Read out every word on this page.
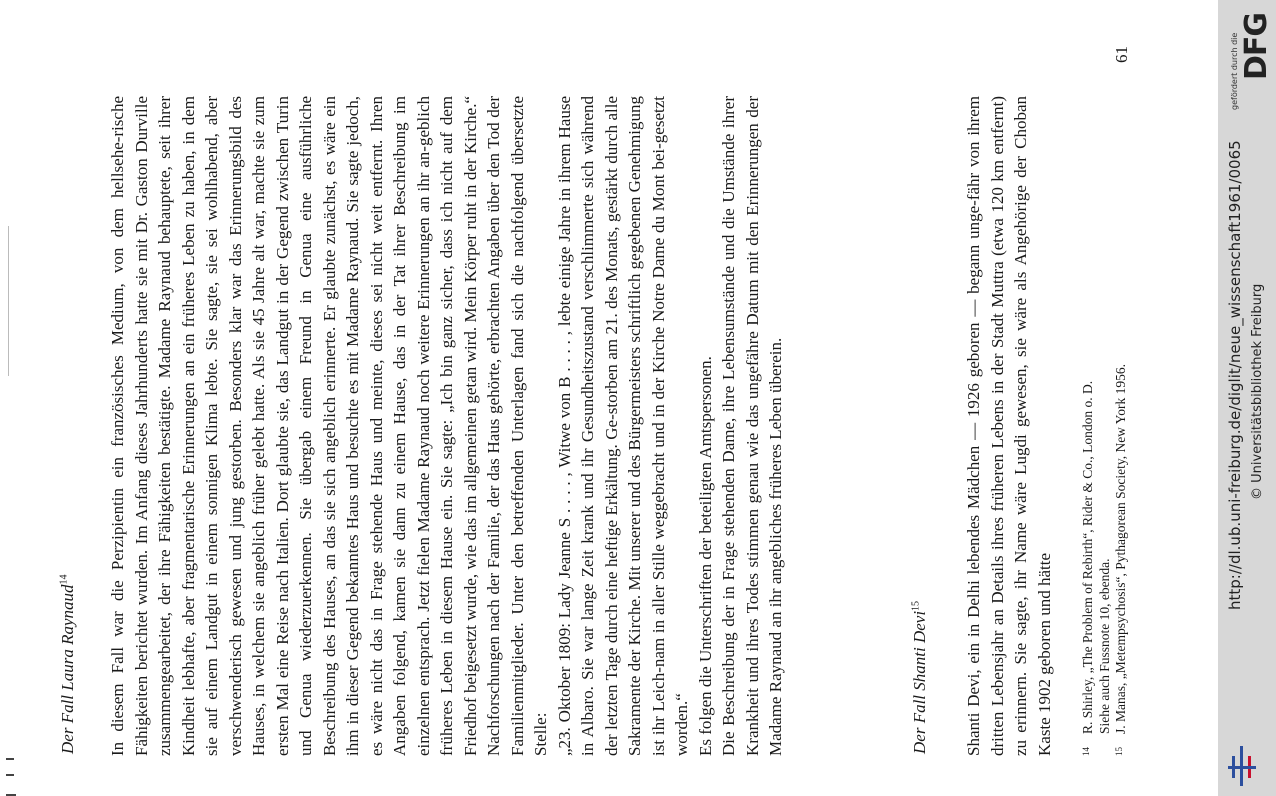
Der Fall Laura Raynaud$^{14}$	In diesem Fall war die Perzipientin ein französisches Medium, von dem hellsehe-rische Fähigkeiten berichtet wurden. Im Anfang dieses Jahrhunderts hatte sie mit Dr. Gaston Durville zusammengearbeitet, der ihre Fähigkeiten bestätigte. Madame Raynaud behauptete, seit ihrer Kindheit lebhafte, aber fragmentarische Erinnerungen an ein früheres Leben zu haben, in dem sie auf einem Landgut in einem sonnigen Klima lebte. Sie sagte, sie sei wohlhabend, aber verschwenderisch gewesen und jung gestorben. Besonders klar war das Erinnerungsbild des Hauses, in welchem sie angeblich früher gelebt hatte. Als sie 45 Jahre alt war, machte sie zum ersten Mal eine Reise nach Italien. Dort glaubte sie, das Landgut in der Gegend zwischen Turin und Genua wiederzuerkennen. Sie übergab einem Freund in Genua eine ausführliche Beschreibung des Hauses, an das sie sich angeblich erinnerte. Er glaubte zunächst, es wäre ein ihm in dieser Gegend bekanntes Haus und besuchte es mit Madame Raynaud. Sie sagte jedoch, es wäre nicht das in Frage stehende Haus und meinte, dieses sei nicht weit entfernt. Ihren Angaben folgend, kamen sie dann zu einem Hause, das in der Tat ihrer Beschreibung im einzelnen entsprach. Jetzt fielen Madame Raynaud noch weitere Erinnerungen an ihr an-geblich früheres Leben in diesem Hause ein. Sie sagte: „Ich bin ganz sicher, dass ich nicht auf dem Friedhof beigesetzt wurde, wie das im allgemeinen getan wird. Mein Körper ruht in der Kirche.“ Nachforschungen nach der Familie, der das Haus gehörte, erbrachten Angaben über den Tod der Familienmitglieder. Unter den betreffenden Unterlagen fand sich die nachfolgend übersetzte Stelle: „23. Oktober 1809: Lady Jeanne S . . . . , Witwe von B . . . . , lebte einige Jahre in ihrem Hause in Albaro. Sie war lange Zeit krank und ihr Gesundheitszustand verschlimmerte sich während der letzten Tage durch eine heftige Erkältung. Ge-storben am 21. des Monats, gestärkt durch alle Sakramente der Kirche. Mit unserer und des Bürgermeisters schriftlich gegebenen Genehmigung ist ihr Leich-nam in aller Stille weggebracht und in der Kirche Notre Dame du Mont bei-gesetzt worden.“ Es folgen die Unterschriften der beteiligten Amtspersonen. Die Beschreibung der in Frage stehenden Dame, ihre Lebensumstände und die Umstände ihrer Krankheit und ihres Todes stimmen genau wie das ungefähre Datum mit den Erinnerungen der Madame Raynaud an ihr angebliches früheres Leben überein.	Der Fall Shanti Devi$^{15}$	Shanti Devi, ein in Delhi lebendes Mädchen — 1926 geboren — begann unge-fähr von ihrem dritten Lebensjahr an Details ihres früheren Lebens in der Stadt Muttra (etwa 120 km entfernt) zu erinnern. Sie sagte, ihr Name wäre Lugdi gewesen, sie wäre als Angehörige der Choban Kaste 1902 geboren und hätte	14
R. Shirley, „The Problem of Rebirth“, Rider & Co., London o. D. Siehe auch Fussnote 10, ebenda.
15
J. Manas, „Metempsychosis“, Pythagorean Society, New York 1956.
61	gefördert durch die DFG
http://dl.ub.uni-freiburg.de/diglit/neue_wissenschaft1961/0065 © Universitätsbibliothek Freiburg
